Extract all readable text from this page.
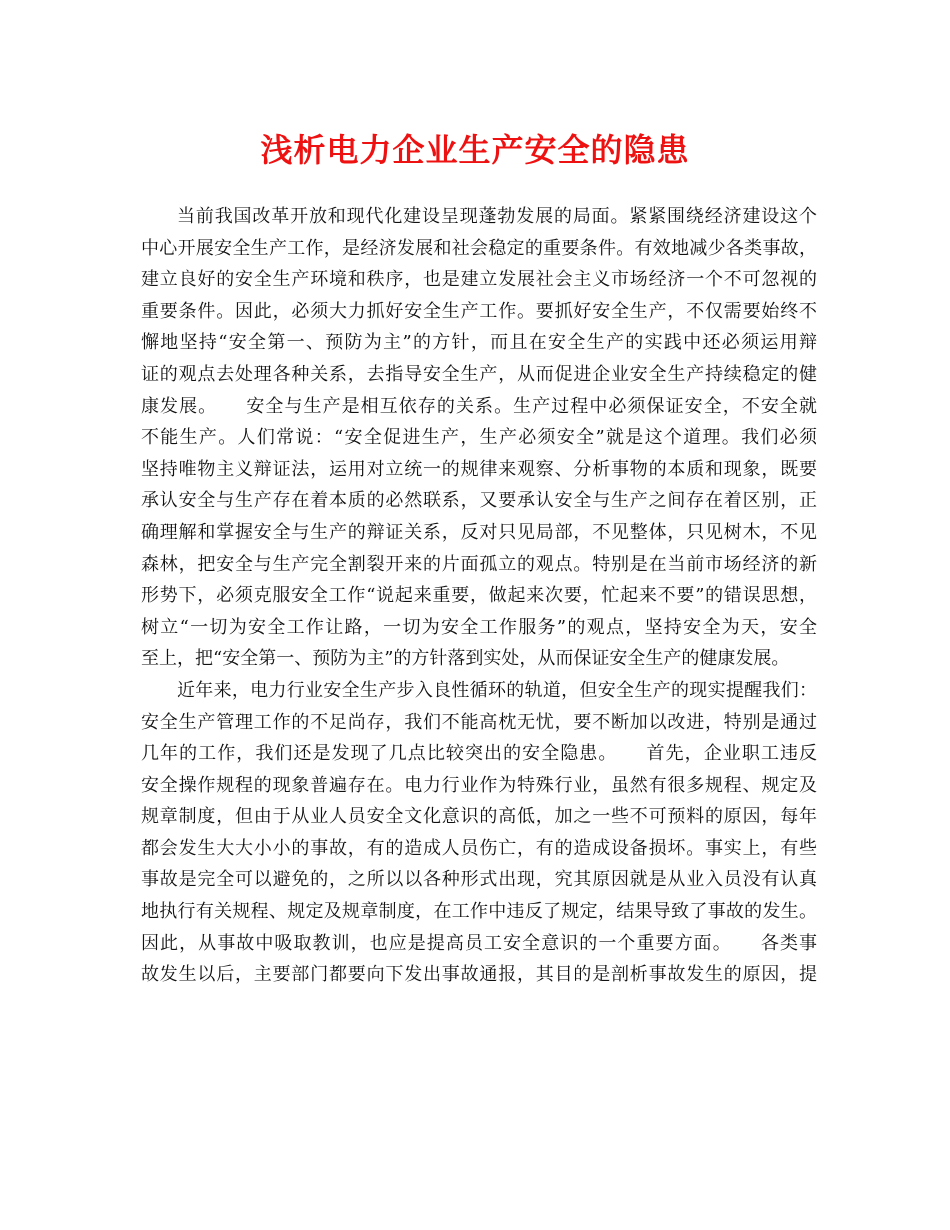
浅析电力企业生产安全的隐患
当前我国改革开放和现代化建设呈现蓬勃发展的局面。紧紧围绕经济建设这个
中心开展安全生产工作，是经济发展和社会稳定的重要条件。有效地减少各类事故，
建立良好的安全生产环境和秩序，也是建立发展社会主义市场经济一个不可忽视的
重要条件。因此，必须大力抓好安全生产工作。要抓好安全生产，不仅需要始终不
懈地坚持“安全第一、预防为主”的方针，而且在安全生产的实践中还必须运用辩
证的观点去处理各种关系，去指导安全生产，从而促进企业安全生产持续稳定的健
康发展。　　安全与生产是相互依存的关系。生产过程中必须保证安全，不安全就
不能生产。人们常说：“安全促进生产，生产必须安全”就是这个道理。我们必须
坚持唯物主义辩证法，运用对立统一的规律来观察、分析事物的本质和现象，既要
承认安全与生产存在着本质的必然联系，又要承认安全与生产之间存在着区别，正
确理解和掌握安全与生产的辩证关系，反对只见局部，不见整体，只见树木，不见
森林，把安全与生产完全割裂开来的片面孤立的观点。特别是在当前市场经济的新
形势下，必须克服安全工作“说起来重要，做起来次要，忙起来不要”的错误思想，
树立“一切为安全工作让路，一切为安全工作服务”的观点，坚持安全为天，安全
至上，把“安全第一、预防为主”的方针落到实处，从而保证安全生产的健康发展。
近年来，电力行业安全生产步入良性循环的轨道，但安全生产的现实提醒我们：
安全生产管理工作的不足尚存，我们不能高枕无忧，要不断加以改进，特别是通过
几年的工作，我们还是发现了几点比较突出的安全隐患。　　首先，企业职工违反
安全操作规程的现象普遍存在。电力行业作为特殊行业，虽然有很多规程、规定及
规章制度，但由于从业人员安全文化意识的高低，加之一些不可预料的原因，每年
都会发生大大小小的事故，有的造成人员伤亡，有的造成设备损坏。事实上，有些
事故是完全可以避免的，之所以以各种形式出现，究其原因就是从业入员没有认真
地执行有关规程、规定及规章制度，在工作中违反了规定，结果导致了事故的发生。
因此，从事故中吸取教训，也应是提高员工安全意识的一个重要方面。　　各类事
故发生以后，主要部门都要向下发出事故通报，其目的是剖析事故发生的原因，提
